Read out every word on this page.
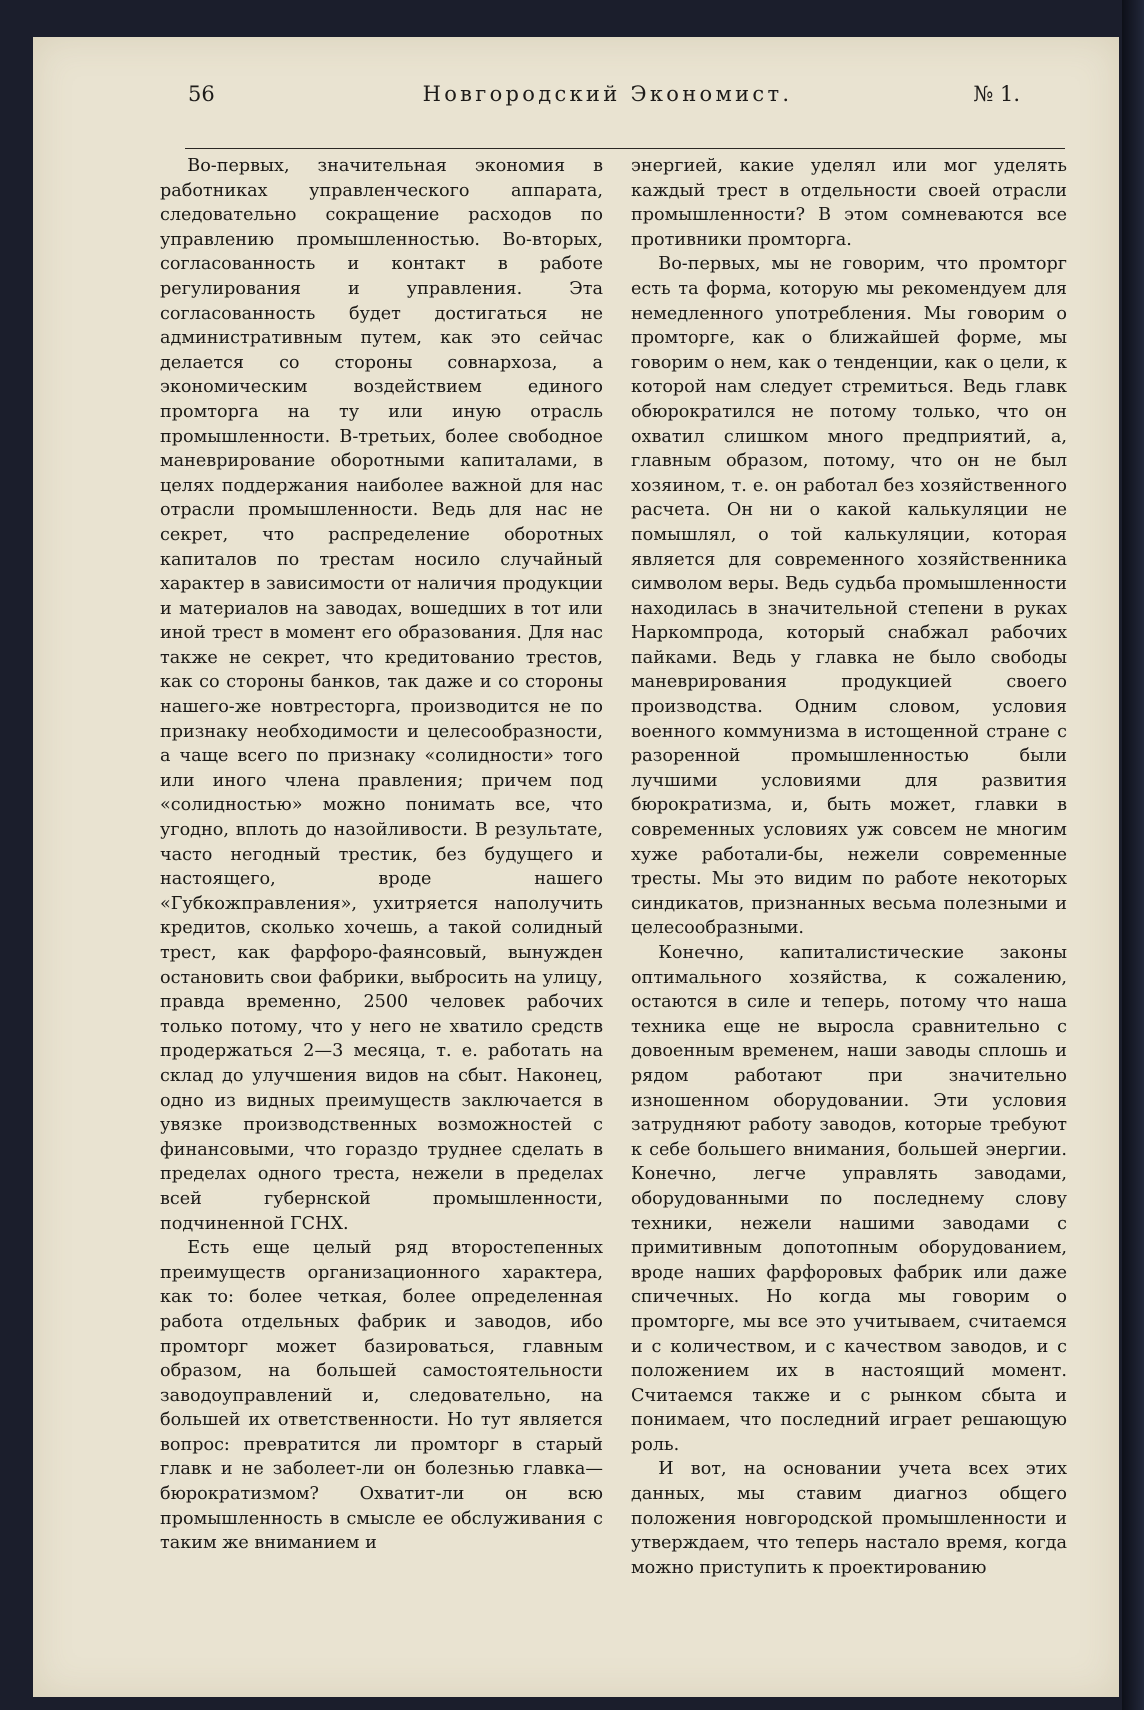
56	Новгородский Экономист.	№ 1.

Во-первых, значительная экономия в работниках управленческого аппарата, следовательно сокращение расходов по управлению промышленностью. Во-вторых, согласованность и контакт в работе регулирования и управления. Эта согласованность будет достигаться не административным путем, как это сейчас делается со стороны совнархоза, а экономическим воздействием единого промторга на ту или иную отрасль промышленности. В-третьих, более свободное маневрирование оборотными капиталами, в целях поддержания наиболее важной для нас отрасли промышленности. Ведь для нас не секрет, что распределение оборотных капиталов по трестам носило случайный характер в зависимости от наличия продукции и материалов на заводах, вошедших в тот или иной трест в момент его образования. Для нас также не секрет, что кредитованио трестов, как со стороны банков, так даже и со стороны нашего-же новтресторга, производится не по признаку необходимости и целесообразности, а чаще всего по признаку «солидности» того или иного члена правления; причем под «солидностью» можно понимать все, что угодно, вплоть до назойливости. В результате, часто негодный трестик, без будущего и настоящего, вроде нашего «Губкожправления», ухитряется наполучить кредитов, сколько хочешь, а такой солидный трест, как фарфоро-фаянсовый, вынужден остановить свои фабрики, выбросить на улицу, правда временно, 2500 человек рабочих только потому, что у него не хватило средств продержаться 2—3 месяца, т. е. работать на склад до улучшения видов на сбыт. Наконец, одно из видных преимуществ заключается в увязке производственных возможностей с финансовыми, что гораздо труднее сделать в пределах одного треста, нежели в пределах всей губернской промышленности, подчиненной ГСНХ.

Есть еще целый ряд второстепенных преимуществ организационного характера, как то: более четкая, более определенная работа отдельных фабрик и заводов, ибо промторг может базироваться, главным образом, на большей самостоятельности заводоуправлений и, следовательно, на большей их ответственности. Но тут является вопрос: превратится ли промторг в старый главк и не заболеет-ли он болезнью главка—бюрократизмом? Охватит-ли он всю промышленность в смысле ее обслуживания с таким же вниманием и

энергией, какие уделял или мог уделять каждый трест в отдельности своей отрасли промышленности? В этом сомневаются все противники промторга.

Во-первых, мы не говорим, что промторг есть та форма, которую мы рекомендуем для немедленного употребления. Мы говорим о промторге, как о ближайшей форме, мы говорим о нем, как о тенденции, как о цели, к которой нам следует стремиться. Ведь главк обюрократился не потому только, что он охватил слишком много предприятий, а, главным образом, потому, что он не был хозяином, т. е. он работал без хозяйственного расчета. Он ни о какой калькуляции не помышлял, о той калькуляции, которая является для современного хозяйственника символом веры. Ведь судьба промышленности находилась в значительной степени в руках Наркомпрода, который снабжал рабочих пайками. Ведь у главка не было свободы маневрирования продукцией своего производства. Одним словом, условия военного коммунизма в истощенной стране с разоренной промышленностью были лучшими условиями для развития бюрократизма, и, быть может, главки в современных условиях уж совсем не многим хуже работали-бы, нежели современные тресты. Мы это видим по работе некоторых синдикатов, признанных весьма полезными и целесообразными.

Конечно, капиталистические законы оптимального хозяйства, к сожалению, остаются в силе и теперь, потому что наша техника еще не выросла сравнительно с довоенным временем, наши заводы сплошь и рядом работают при значительно изношенном оборудовании. Эти условия затрудняют работу заводов, которые требуют к себе большего внимания, большей энергии. Конечно, легче управлять заводами, оборудованными по последнему слову техники, нежели нашими заводами с примитивным допотопным оборудованием, вроде наших фарфоровых фабрик или даже спичечных. Но когда мы говорим о промторге, мы все это учитываем, считаемся и с количеством, и с качеством заводов, и с положением их в настоящий момент. Считаемся также и с рынком сбыта и понимаем, что последний играет решающую роль.

И вот, на основании учета всех этих данных, мы ставим диагноз общего положения новгородской промышленности и утверждаем, что теперь настало время, когда можно приступить к проектированию
